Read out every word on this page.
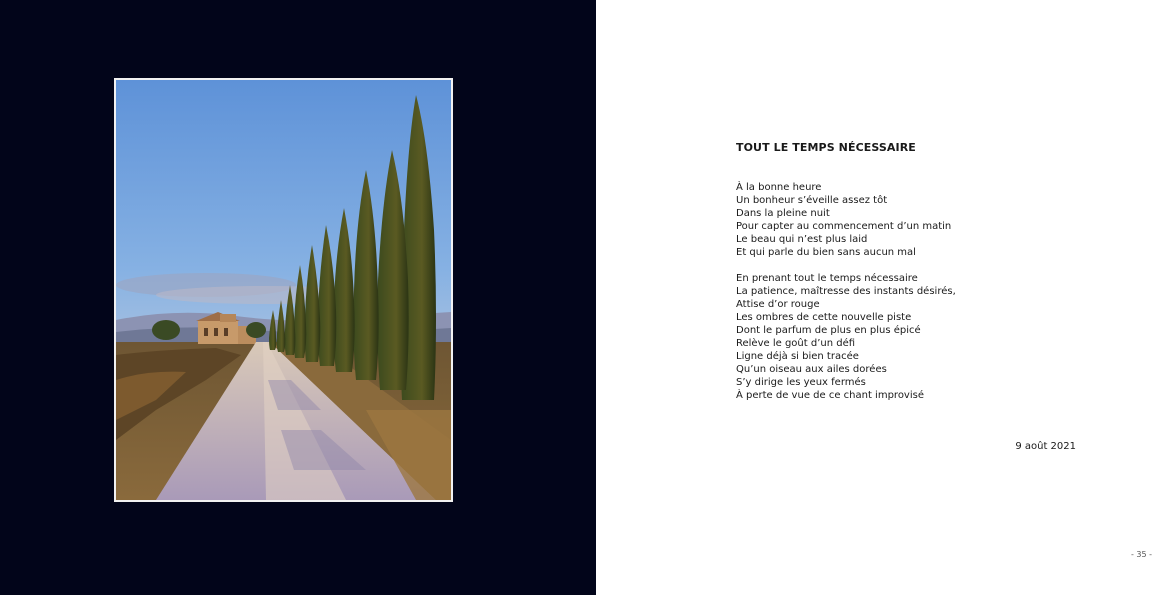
TOUT LE TEMPS NÉCESSAIRE
À la bonne heure
Un bonheur s’éveille assez tôt
Dans la pleine nuit
Pour capter au commencement d’un matin
Le beau qui n’est plus laid
Et qui parle du bien sans aucun mal
En prenant tout le temps nécessaire
La patience, maîtresse des instants désirés,
Attise d’or rouge
Les ombres de cette nouvelle piste
Dont le parfum de plus en plus épicé
Relève le goût d’un défi
Ligne déjà si bien tracée
Qu’un oiseau aux ailes dorées
S’y dirige les yeux fermés
À perte de vue de ce chant improvisé
9 août 2021
- 35 -
